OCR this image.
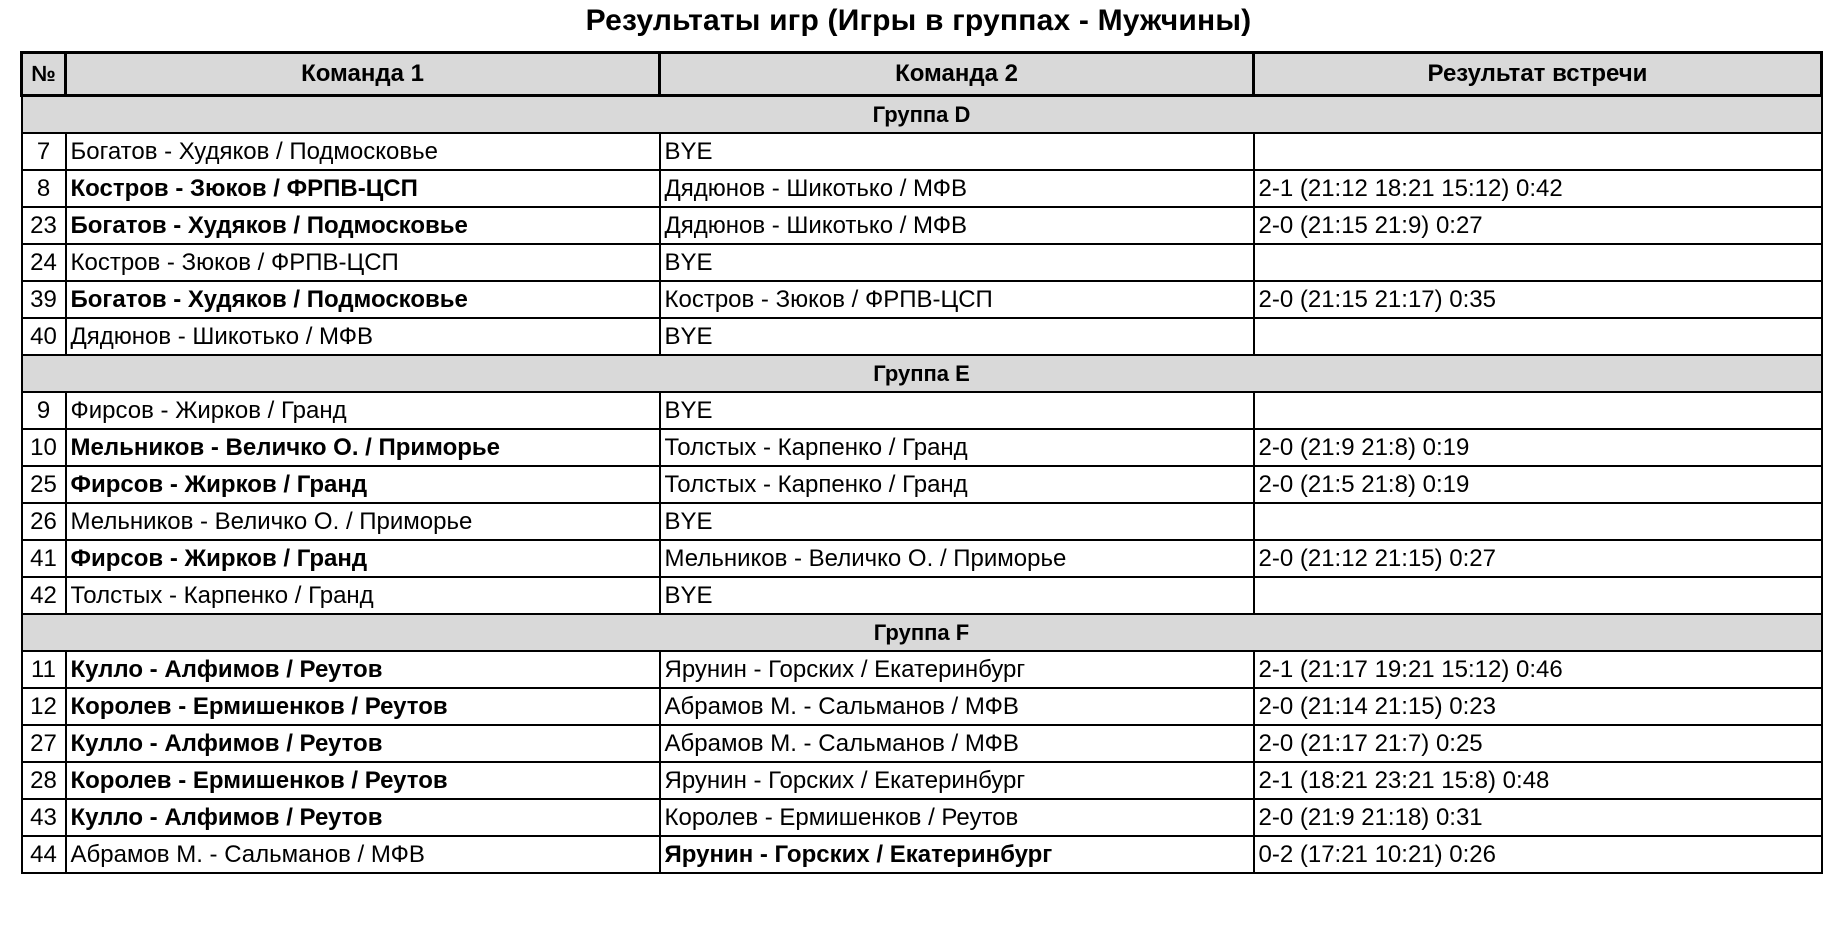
Результаты игр (Игры в группах - Мужчины)
№	Команда 1	Команда 2	Результат встречи
Группа D			
7	Богатов - Худяков / Подмосковье	BYE	
8	Костров - Зюков / ФРПВ-ЦСП	Дядюнов - Шикотько / МФВ	2-1 (21:12 18:21 15:12) 0:42
23	Богатов - Худяков / Подмосковье	Дядюнов - Шикотько / МФВ	2-0 (21:15 21:9) 0:27
24	Костров - Зюков / ФРПВ-ЦСП	BYE	
39	Богатов - Худяков / Подмосковье	Костров - Зюков / ФРПВ-ЦСП	2-0 (21:15 21:17) 0:35
40	Дядюнов - Шикотько / МФВ	BYE	
Группа E			
9	Фирсов - Жирков / Гранд	BYE	
10	Мельников - Величко О. / Приморье	Толстых - Карпенко / Гранд	2-0 (21:9 21:8) 0:19
25	Фирсов - Жирков / Гранд	Толстых - Карпенко / Гранд	2-0 (21:5 21:8) 0:19
26	Мельников - Величко О. / Приморье	BYE	
41	Фирсов - Жирков / Гранд	Мельников - Величко О. / Приморье	2-0 (21:12 21:15) 0:27
42	Толстых - Карпенко / Гранд	BYE	
Группа F			
11	Кулло - Алфимов / Реутов	Ярунин - Горских / Екатеринбург	2-1 (21:17 19:21 15:12) 0:46
12	Королев - Ермишенков / Реутов	Абрамов М. - Сальманов / МФВ	2-0 (21:14 21:15) 0:23
27	Кулло - Алфимов / Реутов	Абрамов М. - Сальманов / МФВ	2-0 (21:17 21:7) 0:25
28	Королев - Ермишенков / Реутов	Ярунин - Горских / Екатеринбург	2-1 (18:21 23:21 15:8) 0:48
43	Кулло - Алфимов / Реутов	Королев - Ермишенков / Реутов	2-0 (21:9 21:18) 0:31
44	Абрамов М. - Сальманов / МФВ	Ярунин - Горских / Екатеринбург	0-2 (17:21 10:21) 0:26
